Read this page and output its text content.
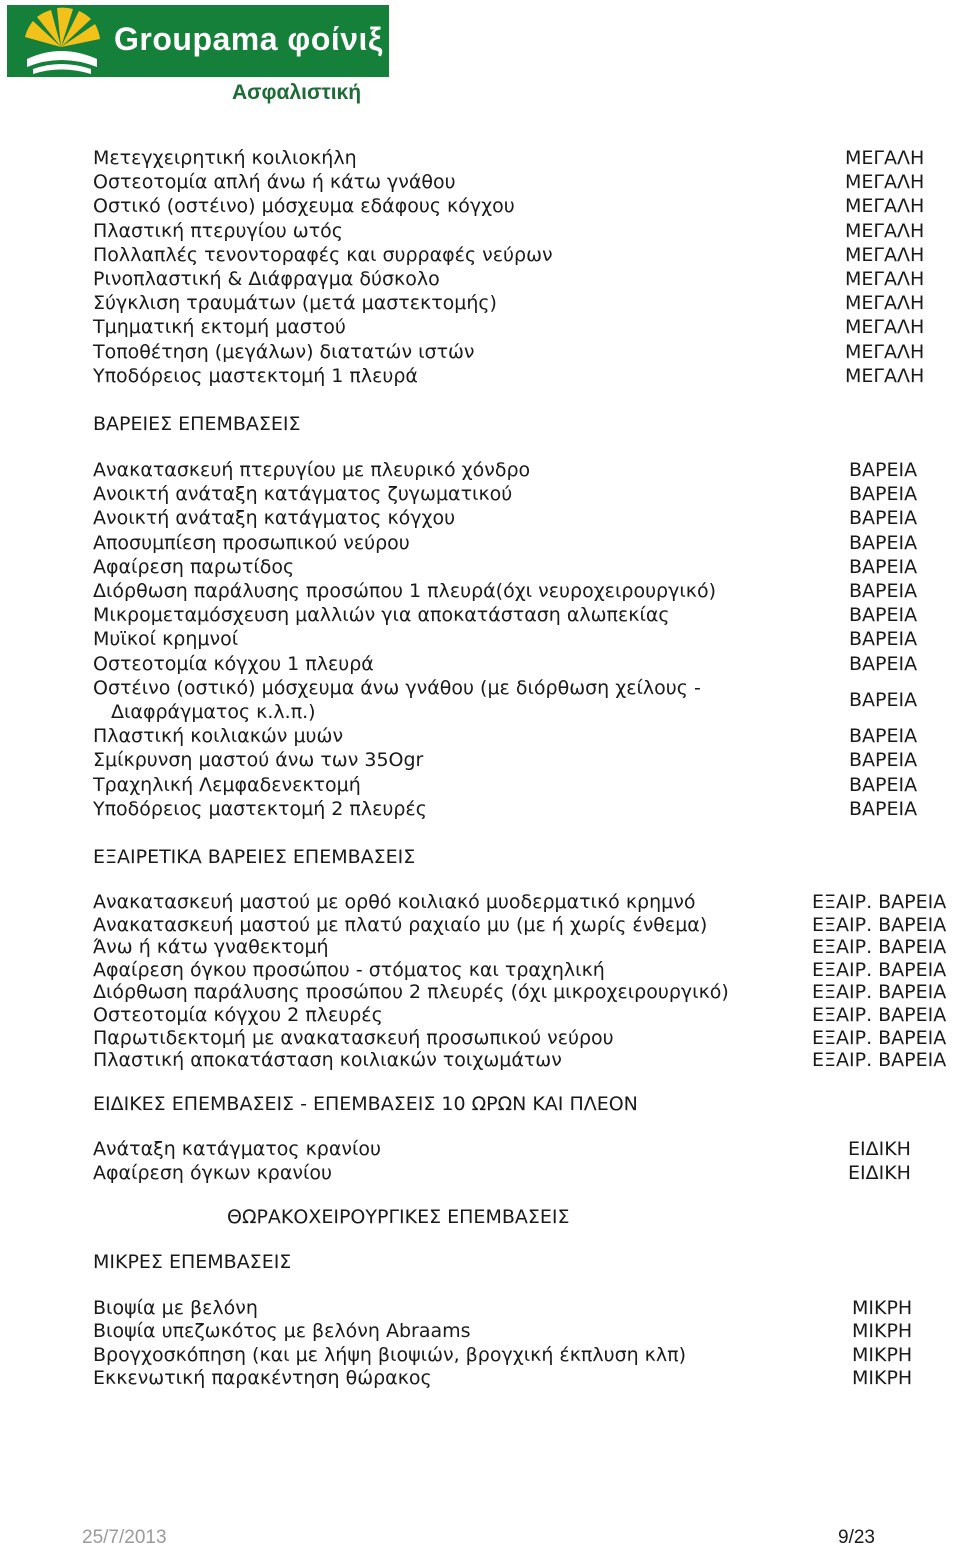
Groupama φοίνιξ
Ασφαλιστική
Μετεγχειρητική κοιλιοκήλη	ΜΕΓΑΛΗ
Οστεοτομία απλή άνω ή κάτω γνάθου	ΜΕΓΑΛΗ
Οστικό (οστέινο) μόσχευμα εδάφους κόγχου	ΜΕΓΑΛΗ
Πλαστική πτερυγίου ωτός	ΜΕΓΑΛΗ
Πολλαπλές τενοντοραφές και συρραφές νεύρων	ΜΕΓΑΛΗ
Ρινοπλαστική & Διάφραγμα δύσκολο	ΜΕΓΑΛΗ
Σύγκλιση τραυμάτων (μετά μαστεκτομής)	ΜΕΓΑΛΗ
Τμηματική εκτομή μαστού	ΜΕΓΑΛΗ
Τοποθέτηση (μεγάλων) διατατών ιστών	ΜΕΓΑΛΗ
Υποδόρειος μαστεκτομή 1 πλευρά	ΜΕΓΑΛΗ
ΒΑΡΕΙΕΣ ΕΠΕΜΒΑΣΕΙΣ
Ανακατασκευή πτερυγίου με πλευρικό χόνδρο	ΒΑΡΕΙΑ
Ανοικτή ανάταξη κατάγματος ζυγωματικού	ΒΑΡΕΙΑ
Ανοικτή ανάταξη κατάγματος κόγχου	ΒΑΡΕΙΑ
Αποσυμπίεση προσωπικού νεύρου	ΒΑΡΕΙΑ
Αφαίρεση παρωτίδος	ΒΑΡΕΙΑ
Διόρθωση παράλυσης προσώπου 1 πλευρά(όχι νευροχειρουργικό)	ΒΑΡΕΙΑ
Μικρομεταμόσχευση μαλλιών για αποκατάσταση αλωπεκίας	ΒΑΡΕΙΑ
Μυϊκοί κρημνοί	ΒΑΡΕΙΑ
Οστεοτομία κόγχου 1 πλευρά	ΒΑΡΕΙΑ
Οστέινο (οστικό) μόσχευμα άνω γνάθου (με διόρθωση χείλους -
Διαφράγματος κ.λ.π.)
ΒΑΡΕΙΑ
Πλαστική κοιλιακών μυών	ΒΑΡΕΙΑ
Σμίκρυνση μαστού άνω των 35Ogr	ΒΑΡΕΙΑ
Τραχηλική Λεμφαδενεκτομή	ΒΑΡΕΙΑ
Υποδόρειος μαστεκτομή 2 πλευρές	ΒΑΡΕΙΑ
ΕΞΑΙΡΕΤΙΚΑ ΒΑΡΕΙΕΣ ΕΠΕΜΒΑΣΕΙΣ
Ανακατασκευή μαστού με ορθό κοιλιακό μυοδερματικό κρημνό	ΕΞΑΙΡ. ΒΑΡΕΙΑ
Ανακατασκευή μαστού με πλατύ ραχιαίο μυ (με ή χωρίς ένθεμα)	ΕΞΑΙΡ. ΒΑΡΕΙΑ
Άνω ή κάτω γναθεκτομή	ΕΞΑΙΡ. ΒΑΡΕΙΑ
Αφαίρεση όγκου προσώπου - στόματος και τραχηλική	ΕΞΑΙΡ. ΒΑΡΕΙΑ
Διόρθωση παράλυσης προσώπου 2 πλευρές (όχι μικροχειρουργικό)	ΕΞΑΙΡ. ΒΑΡΕΙΑ
Οστεοτομία κόγχου 2 πλευρές	ΕΞΑΙΡ. ΒΑΡΕΙΑ
Παρωτιδεκτομή με ανακατασκευή προσωπικού νεύρου	ΕΞΑΙΡ. ΒΑΡΕΙΑ
Πλαστική αποκατάσταση κοιλιακών τοιχωμάτων	ΕΞΑΙΡ. ΒΑΡΕΙΑ
ΕΙΔΙΚΕΣ ΕΠΕΜΒΑΣΕΙΣ - ΕΠΕΜΒΑΣΕΙΣ 10 ΩΡΩΝ ΚΑΙ ΠΛΕΟΝ
Ανάταξη κατάγματος κρανίου	ΕΙΔΙΚΗ
Αφαίρεση όγκων κρανίου	ΕΙΔΙΚΗ
ΘΩΡΑΚΟΧΕΙΡΟΥΡΓΙΚΕΣ ΕΠΕΜΒΑΣΕΙΣ
ΜΙΚΡΕΣ ΕΠΕΜΒΑΣΕΙΣ
Βιοψία με βελόνη	ΜΙΚΡΗ
Βιοψία υπεζωκότος με βελόνη Abraams	ΜΙΚΡΗ
Βρογχοσκόπηση (και με λήψη βιοψιών, βρογχική έκπλυση κλπ)	ΜΙΚΡΗ
Εκκενωτική παρακέντηση θώρακος	ΜΙΚΡΗ
25/7/2013	9/23
